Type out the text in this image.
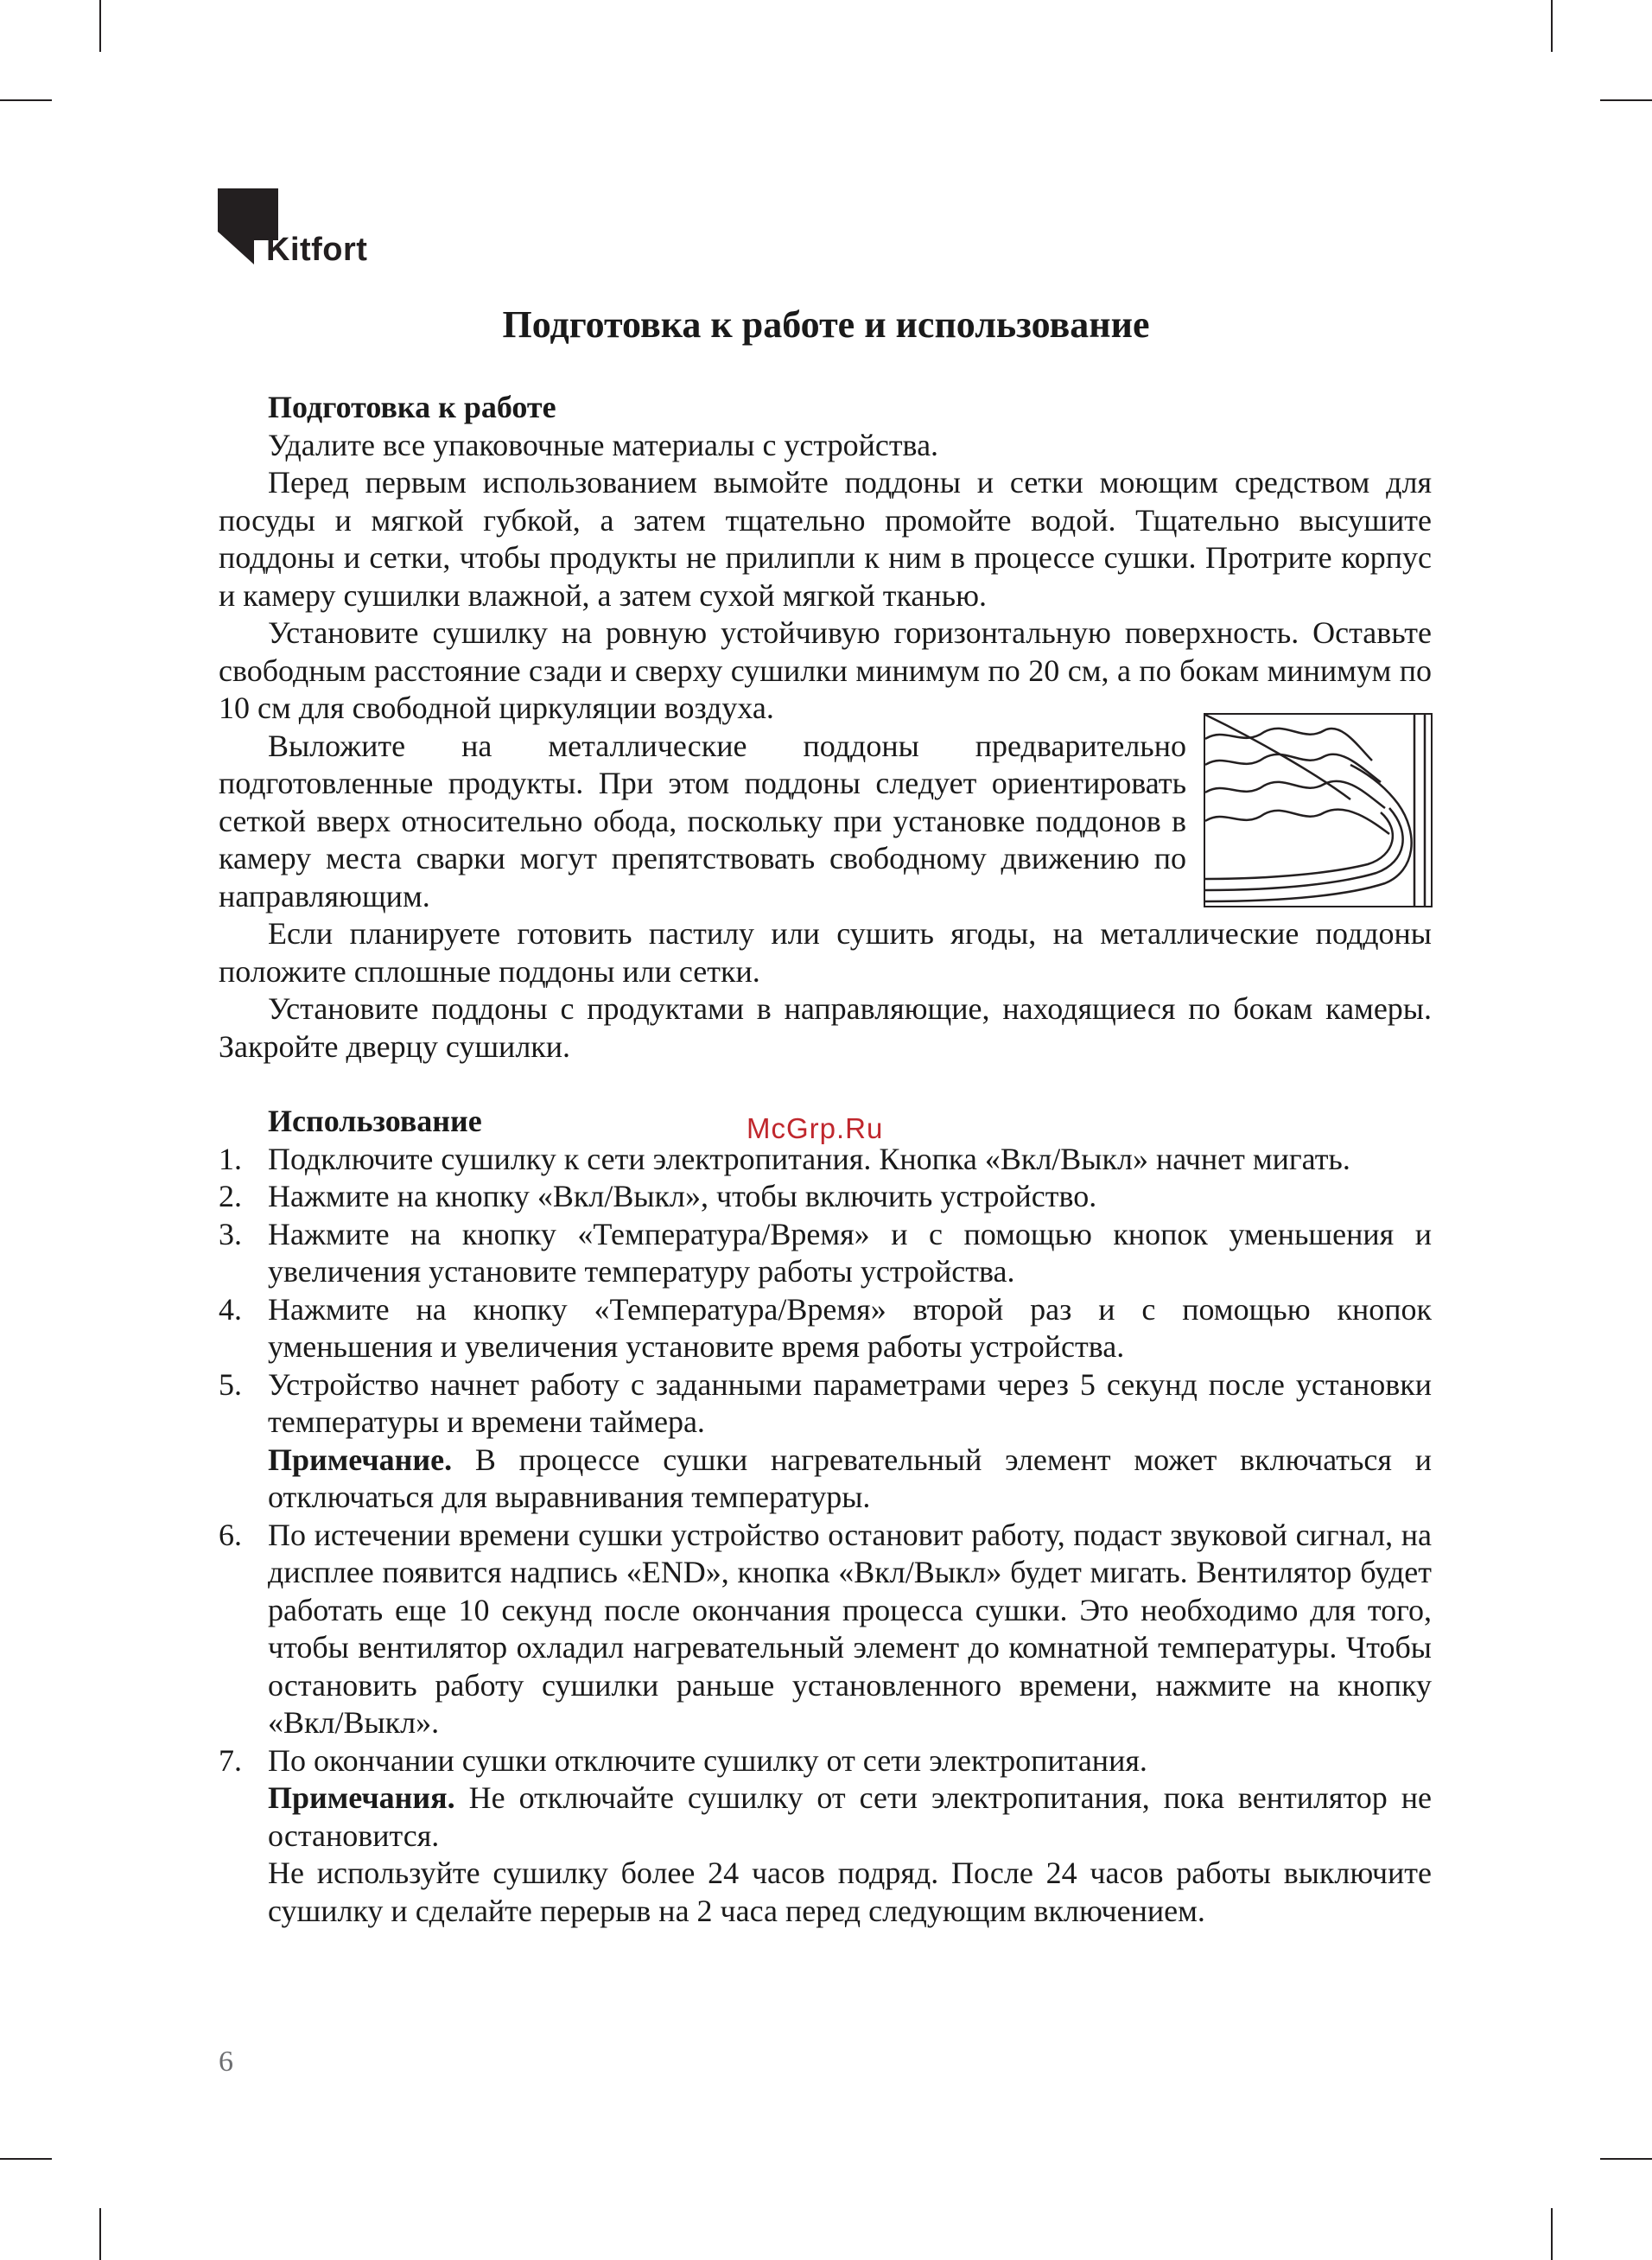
Kitfort
Подготовка к работе и использование

Подготовка к работе

Удалите все упаковочные материалы с устройства.

Перед первым использованием вымойте поддоны и сетки моющим средством для посуды и мягкой губкой, а затем тщательно промойте водой. Тщательно высушите поддоны и сетки, чтобы продукты не прилипли к ним в процессе сушки. Протрите корпус и камеру сушилки влажной, а затем сухой мягкой тканью.

Установите сушилку на ровную устойчивую горизонтальную поверхность. Оставьте свободным расстояние сзади и сверху сушилки минимум по 20 см, а по бокам минимум по 10 см для свободной циркуляции воздуха.

Выложите на металлические поддоны предварительно подготовленные продукты. При этом поддоны следует ориентировать сеткой вверх относительно обода, поскольку при установке поддонов в камеру места сварки могут препятствовать свободному движению по направляющим.

Если планируете готовить пастилу или сушить ягоды, на металлические поддоны положите сплошные поддоны или сетки.

Установите поддоны с продуктами в направляющие, находящиеся по бокам камеры. Закройте дверцу сушилки.

Использование

1. Подключите сушилку к сети электропитания. Кнопка «Вкл/Выкл» начнет мигать.
2. Нажмите на кнопку «Вкл/Выкл», чтобы включить устройство.
3. Нажмите на кнопку «Температура/Время» и с помощью кнопок уменьшения и увеличения установите температуру работы устройства.
4. Нажмите на кнопку «Температура/Время» второй раз и с помощью кнопок уменьшения и увеличения установите время работы устройства.
5. Устройство начнет работу с заданными параметрами через 5 секунд после установки температуры и времени таймера.
Примечание. В процессе сушки нагревательный элемент может включаться и отключаться для выравнивания температуры.
6. По истечении времени сушки устройство остановит работу, подаст звуковой сигнал, на дисплее появится надпись «END», кнопка «Вкл/Выкл» будет мигать. Вентилятор будет работать еще 10 секунд после окончания процесса сушки. Это необходимо для того, чтобы вентилятор охладил нагревательный элемент до комнатной температуры. Чтобы остановить работу сушилки раньше установленного времени, нажмите на кнопку «Вкл/Выкл».
7. По окончании сушки отключите сушилку от сети электропитания.
Примечания. Не отключайте сушилку от сети электропитания, пока вентилятор не остановится.
Не используйте сушилку более 24 часов подряд. После 24 часов работы выключите сушилку и сделайте перерыв на 2 часа перед следующим включением.
McGrp.Ru
6
